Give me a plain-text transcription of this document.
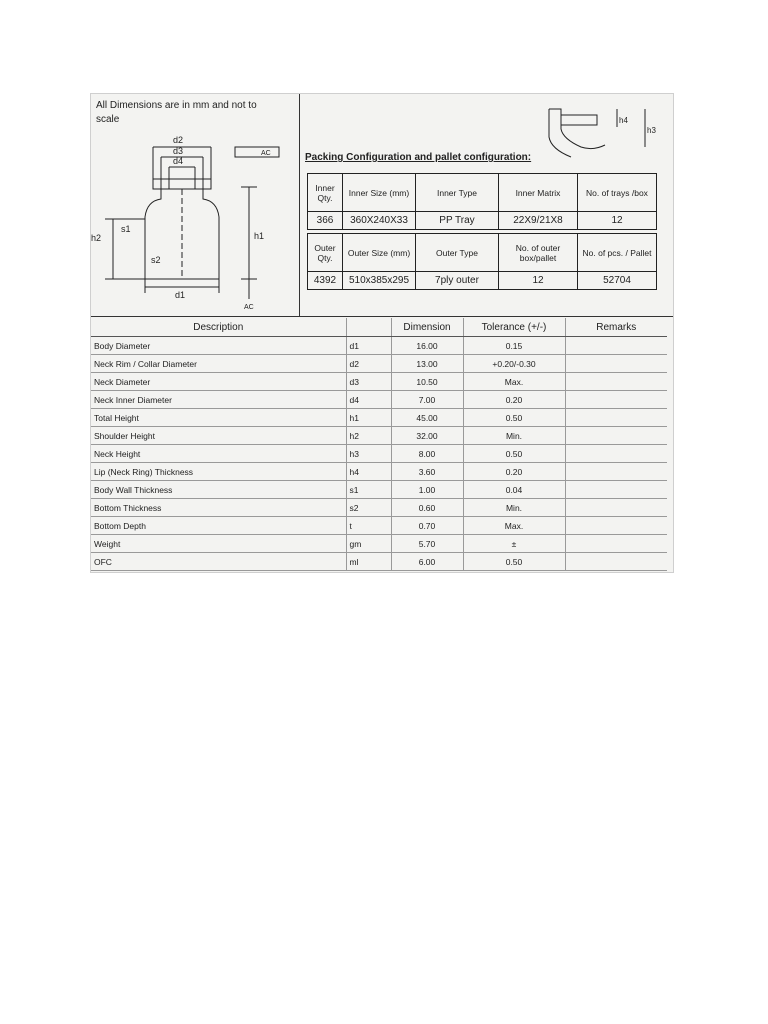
All Dimensions are in mm and not to
scale
d2
d3
d4
d1
h1
h2
s1
s2
AC
AC
h4
h3
Packing Configuration and pallet configuration:
Inner Qty.	Inner Size (mm)	Inner Type	Inner Matrix	No. of trays /box
366	360X240X33	PP Tray	22X9/21X8	12

Outer Qty.	Outer Size (mm)	Outer Type	No. of outer box/pallet	No. of pcs. / Pallet
4392	510x385x295	7ply outer	12	52704
Description		Dimension	Tolerance (+/-)	Remarks
Body Diameter	d1	16.00	0.15	
Neck Rim / Collar Diameter	d2	13.00	+0.20/-0.30	
Neck Diameter	d3	10.50	Max.	
Neck Inner Diameter	d4	7.00	0.20	
Total Height	h1	45.00	0.50	
Shoulder Height	h2	32.00	Min.	
Neck Height	h3	8.00	0.50	
Lip (Neck Ring) Thickness	h4	3.60	0.20	
Body Wall Thickness	s1	1.00	0.04	
Bottom Thickness	s2	0.60	Min.	
Bottom Depth	t	0.70	Max.	
Weight	gm	5.70	±	
OFC	ml	6.00	0.50	
